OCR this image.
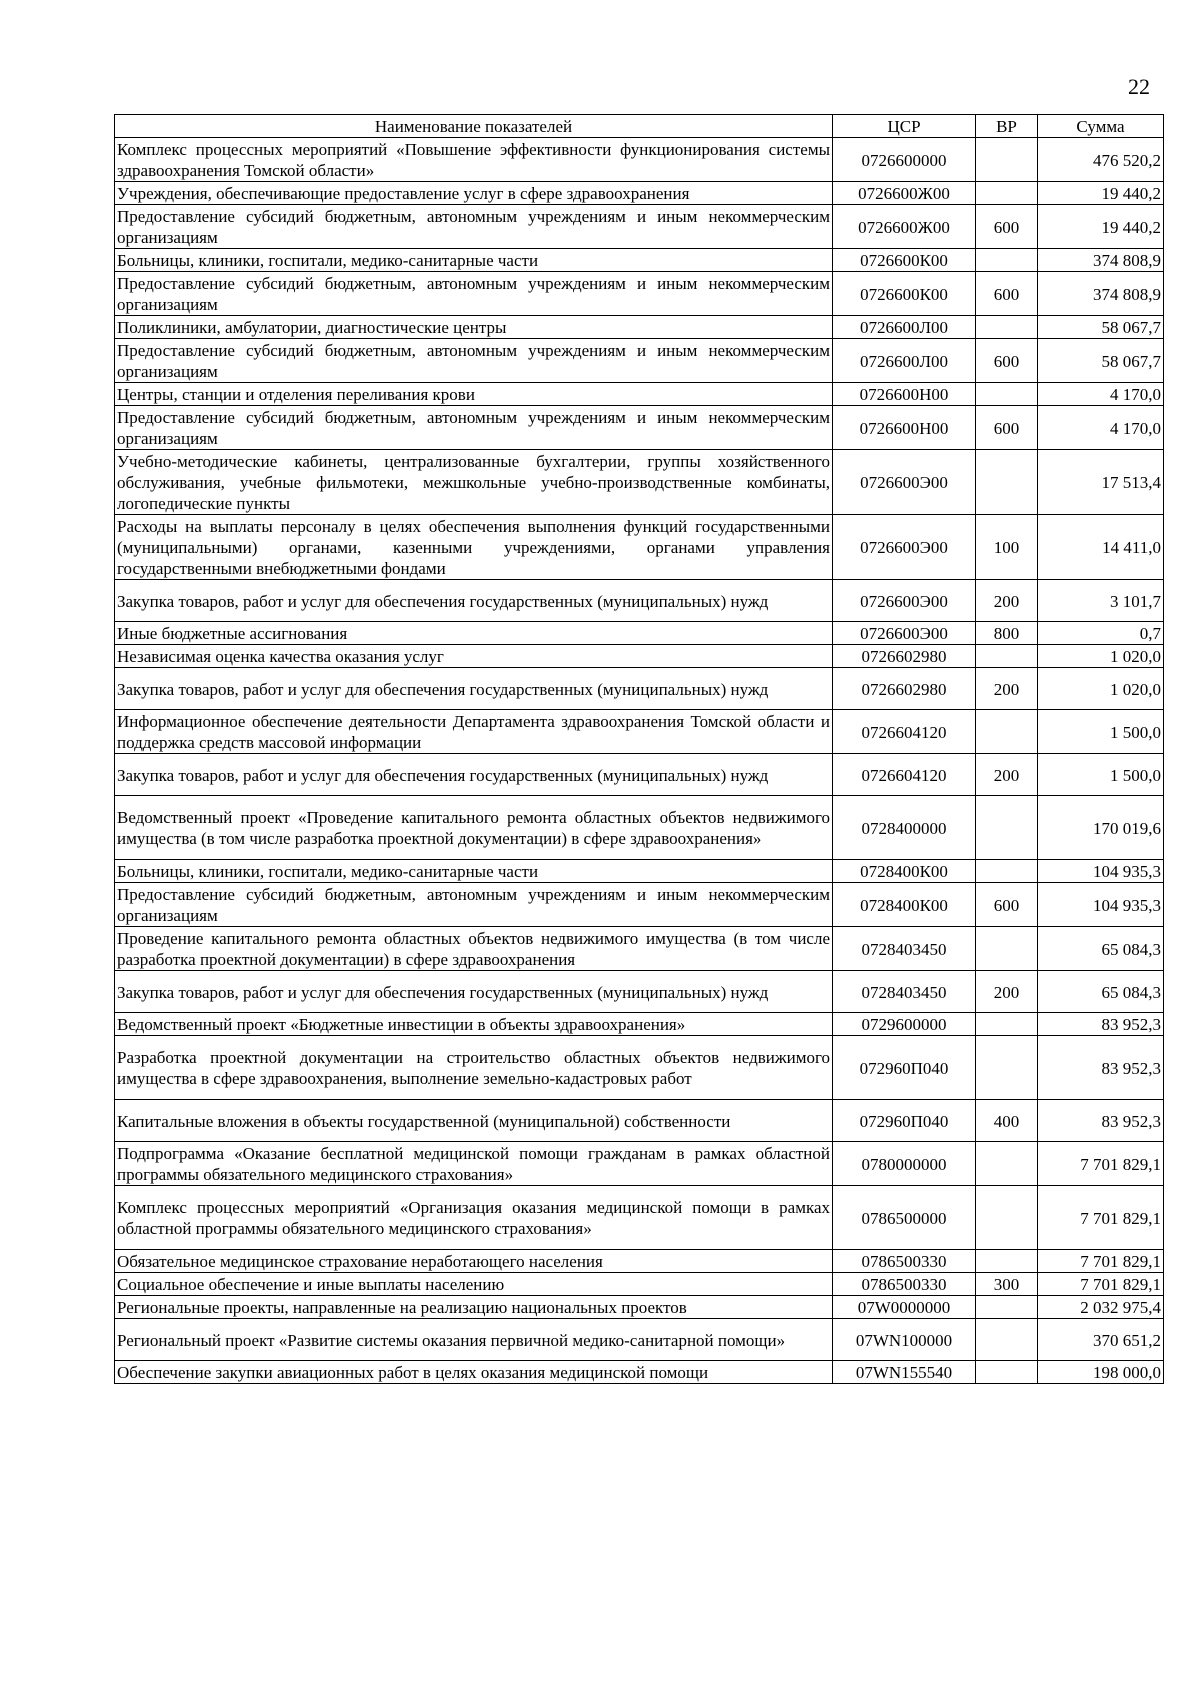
22
Наименование показателей	ЦСР	ВР	Сумма
Комплекс процессных мероприятий «Повышение эффективности функционирования системы здравоохранения Томской области»	0726600000		476 520,2
Учреждения, обеспечивающие предоставление услуг в сфере здравоохранения	0726600Ж00		19 440,2
Предоставление субсидий бюджетным, автономным учреждениям и иным некоммерческим организациям	0726600Ж00	600	19 440,2
Больницы, клиники, госпитали, медико-санитарные части	0726600К00		374 808,9
Предоставление субсидий бюджетным, автономным учреждениям и иным некоммерческим организациям	0726600К00	600	374 808,9
Поликлиники, амбулатории, диагностические центры	0726600Л00		58 067,7
Предоставление субсидий бюджетным, автономным учреждениям и иным некоммерческим организациям	0726600Л00	600	58 067,7
Центры, станции и отделения переливания крови	0726600Н00		4 170,0
Предоставление субсидий бюджетным, автономным учреждениям и иным некоммерческим организациям	0726600Н00	600	4 170,0
Учебно-методические кабинеты, централизованные бухгалтерии, группы хозяйственного обслуживания, учебные фильмотеки, межшкольные учебно-производственные комбинаты, логопедические пункты	0726600Э00		17 513,4
Расходы на выплаты персоналу в целях обеспечения выполнения функций государственными (муниципальными) органами, казенными учреждениями, органами управления государственными внебюджетными фондами	0726600Э00	100	14 411,0
Закупка товаров, работ и услуг для обеспечения государственных (муниципальных) нужд	0726600Э00	200	3 101,7
Иные бюджетные ассигнования	0726600Э00	800	0,7
Независимая оценка качества оказания услуг	0726602980		1 020,0
Закупка товаров, работ и услуг для обеспечения государственных (муниципальных) нужд	0726602980	200	1 020,0
Информационное обеспечение деятельности Департамента здравоохранения Томской области и поддержка средств массовой информации	0726604120		1 500,0
Закупка товаров, работ и услуг для обеспечения государственных (муниципальных) нужд	0726604120	200	1 500,0
Ведомственный проект «Проведение капитального ремонта областных объектов недвижимого имущества (в том числе разработка проектной документации) в сфере здравоохранения»	0728400000		170 019,6
Больницы, клиники, госпитали, медико-санитарные части	0728400К00		104 935,3
Предоставление субсидий бюджетным, автономным учреждениям и иным некоммерческим организациям	0728400К00	600	104 935,3
Проведение капитального ремонта областных объектов недвижимого имущества (в том числе разработка проектной документации) в сфере здравоохранения	0728403450		65 084,3
Закупка товаров, работ и услуг для обеспечения государственных (муниципальных) нужд	0728403450	200	65 084,3
Ведомственный проект «Бюджетные инвестиции в объекты здравоохранения»	0729600000		83 952,3
Разработка проектной документации на строительство областных объектов недвижимого имущества в сфере здравоохранения, выполнение земельно-кадастровых работ	072960П040		83 952,3
Капитальные вложения в объекты государственной (муниципальной) собственности	072960П040	400	83 952,3
Подпрограмма «Оказание бесплатной медицинской помощи гражданам в рамках областной программы обязательного медицинского страхования»	0780000000		7 701 829,1
Комплекс процессных мероприятий «Организация оказания медицинской помощи в рамках областной программы обязательного медицинского страхования»	0786500000		7 701 829,1
Обязательное медицинское страхование неработающего населения	0786500330		7 701 829,1
Социальное обеспечение и иные выплаты населению	0786500330	300	7 701 829,1
Региональные проекты, направленные на реализацию национальных проектов	07W0000000		2 032 975,4
Региональный проект «Развитие системы оказания первичной медико-санитарной помощи»	07WN100000		370 651,2
Обеспечение закупки авиационных работ в целях оказания медицинской помощи	07WN155540		198 000,0
